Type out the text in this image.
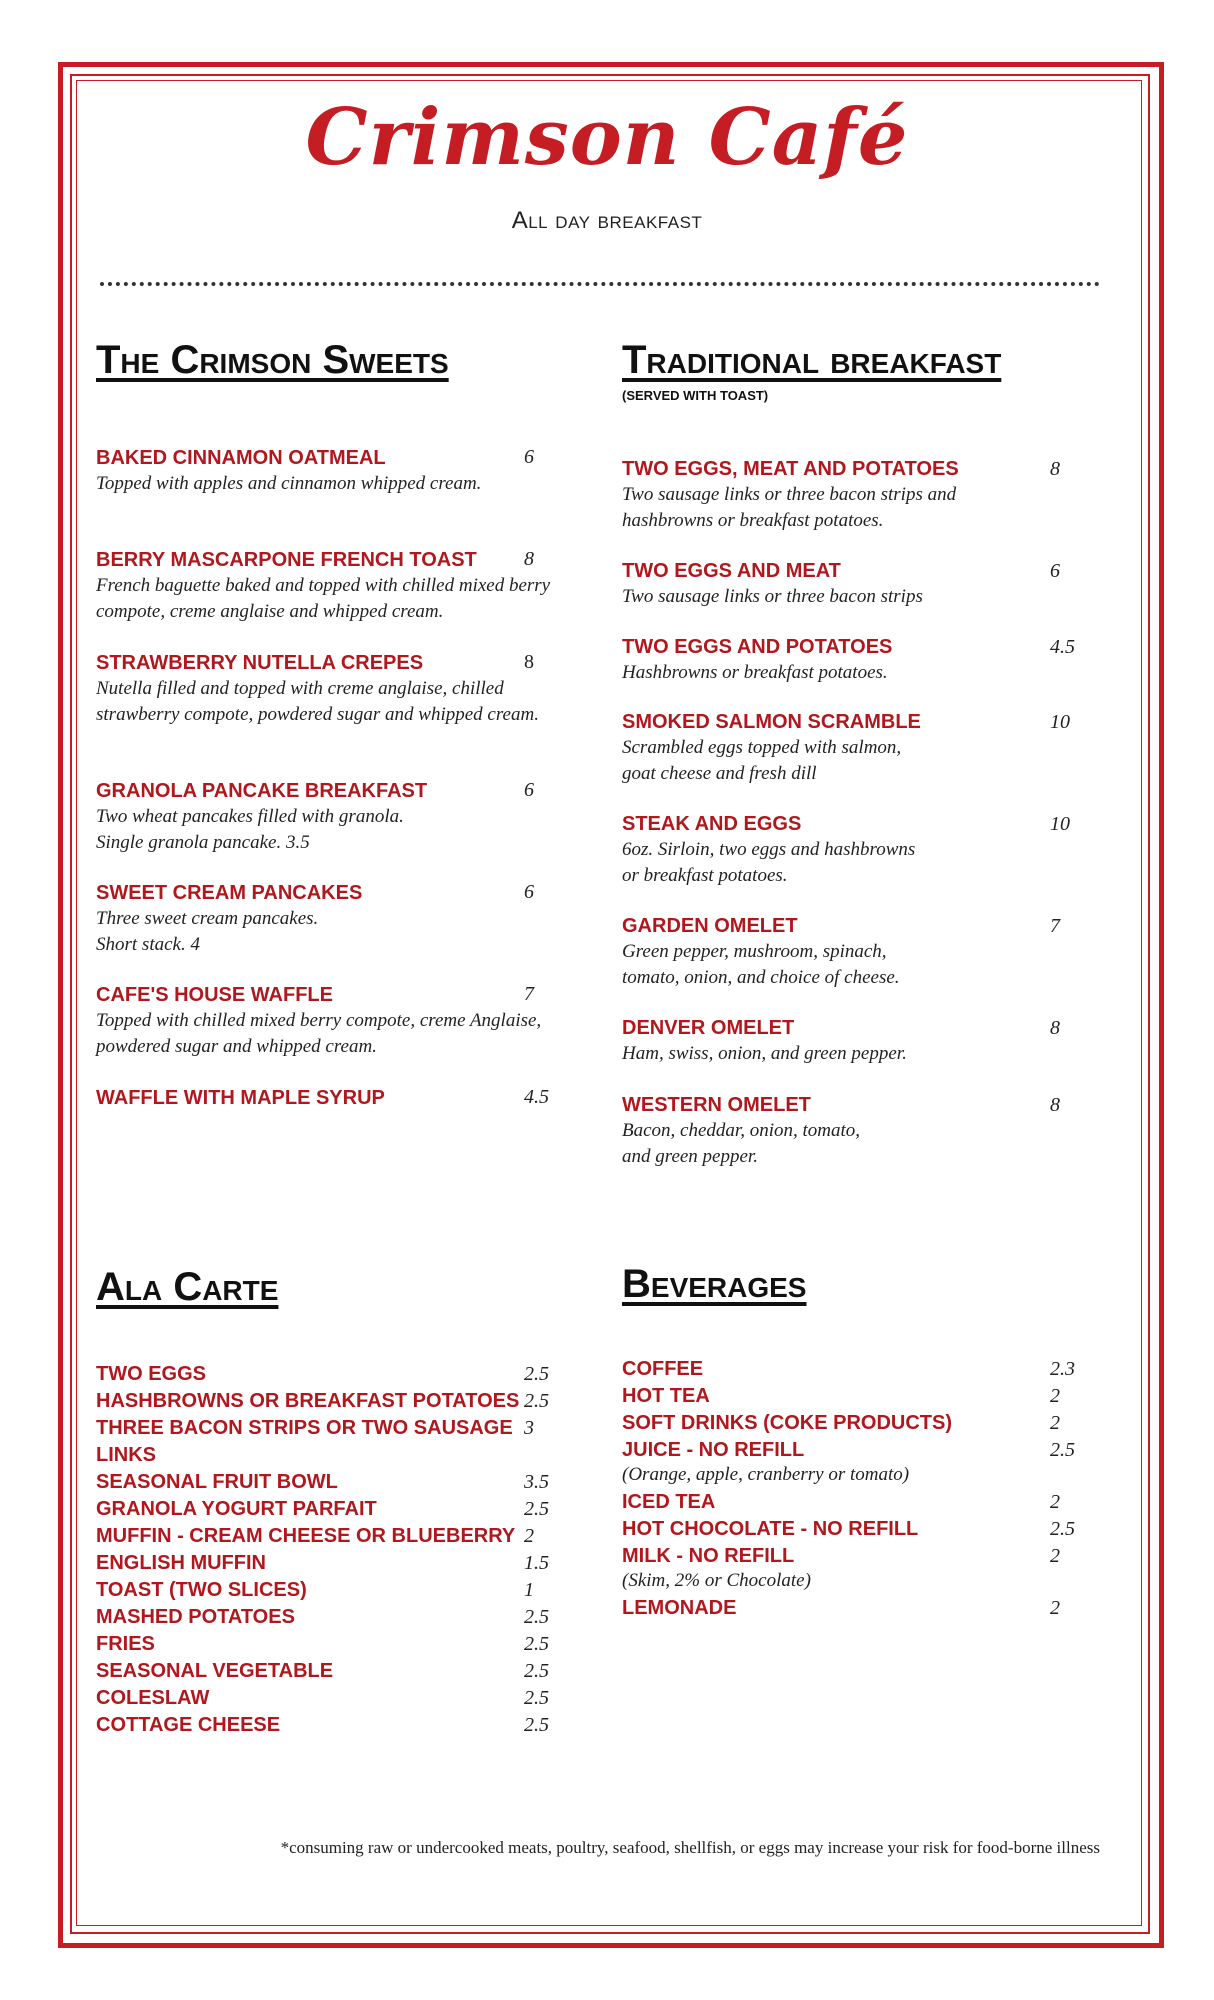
Crimson Café
All day breakfast
The Crimson Sweets
BAKED CINNAMON OATMEAL
Topped with apples and cinnamon whipped cream.
6
BERRY MASCARPONE FRENCH TOAST
French baguette baked and topped with chilled mixed berry compote, creme anglaise and whipped cream.
8
STRAWBERRY NUTELLA CREPES
Nutella filled and topped with creme anglaise, chilled strawberry compote, powdered sugar and whipped cream.
8
GRANOLA PANCAKE BREAKFAST
Two wheat pancakes filled with granola.
Single granola pancake. 3.5
6
SWEET CREAM PANCAKES
Three sweet cream pancakes.
Short stack. 4
6
CAFE'S HOUSE WAFFLE
Topped with chilled mixed berry compote, creme Anglaise, powdered sugar and whipped cream.
7
WAFFLE WITH MAPLE SYRUP	4.5
Traditional breakfast
(SERVED WITH TOAST)
TWO EGGS, MEAT AND POTATOES
Two sausage links or three bacon strips and hashbrowns or breakfast potatoes.
8
TWO EGGS AND MEAT
Two sausage links or three bacon strips
6
TWO EGGS AND POTATOES
Hashbrowns or breakfast potatoes.
4.5
SMOKED SALMON SCRAMBLE
Scrambled eggs topped with salmon,
goat cheese and fresh dill
10
STEAK AND EGGS
6oz. Sirloin, two eggs and hashbrowns
or breakfast potatoes.
10
GARDEN OMELET
Green pepper, mushroom, spinach,
tomato, onion, and choice of cheese.
7
DENVER OMELET
Ham, swiss, onion, and green pepper.
8
WESTERN OMELET
Bacon, cheddar, onion, tomato,
and green pepper.
8
Ala Carte
TWO EGGS	2.5
HASHBROWNS OR BREAKFAST POTATOES 2.5
THREE BACON STRIPS OR TWO SAUSAGE 3
LINKS
SEASONAL FRUIT BOWL	3.5
GRANOLA YOGURT PARFAIT	2.5
MUFFIN - CREAM CHEESE OR BLUEBERRY 2
ENGLISH MUFFIN	1.5
TOAST (TWO SLICES)	1
MASHED POTATOES	2.5
FRIES	2.5
SEASONAL VEGETABLE	2.5
COLESLAW	2.5
COTTAGE CHEESE	2.5
Beverages
COFFEE	2.3
HOT TEA	2
SOFT DRINKS (COKE PRODUCTS)	2
JUICE - NO REFILL	2.5
(Orange, apple, cranberry or tomato)
ICED TEA	2
HOT CHOCOLATE - NO REFILL	2.5
MILK - NO REFILL	2
(Skim, 2% or Chocolate)
LEMONADE	2
*consuming raw or undercooked meats, poultry, seafood, shellfish, or eggs may increase your risk for food-borne illness
